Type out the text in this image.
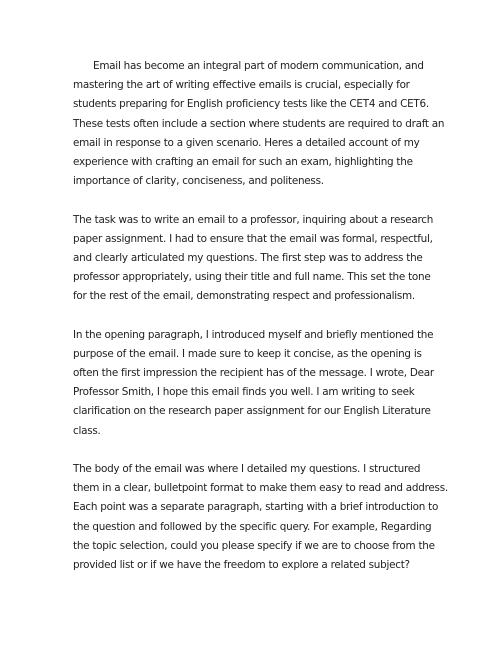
Email has become an integral part of modern communication, and
mastering the art of writing effective emails is crucial, especially for
students preparing for English proficiency tests like the CET4 and CET6.
These tests often include a section where students are required to draft an
email in response to a given scenario. Heres a detailed account of my
experience with crafting an email for such an exam, highlighting the
importance of clarity, conciseness, and politeness.

The task was to write an email to a professor, inquiring about a research
paper assignment. I had to ensure that the email was formal, respectful,
and clearly articulated my questions. The first step was to address the
professor appropriately, using their title and full name. This set the tone
for the rest of the email, demonstrating respect and professionalism.

In the opening paragraph, I introduced myself and briefly mentioned the
purpose of the email. I made sure to keep it concise, as the opening is
often the first impression the recipient has of the message. I wrote, Dear
Professor Smith, I hope this email finds you well. I am writing to seek
clarification on the research paper assignment for our English Literature
class.

The body of the email was where I detailed my questions. I structured
them in a clear, bulletpoint format to make them easy to read and address.
Each point was a separate paragraph, starting with a brief introduction to
the question and followed by the specific query. For example, Regarding
the topic selection, could you please specify if we are to choose from the
provided list or if we have the freedom to explore a related subject?
